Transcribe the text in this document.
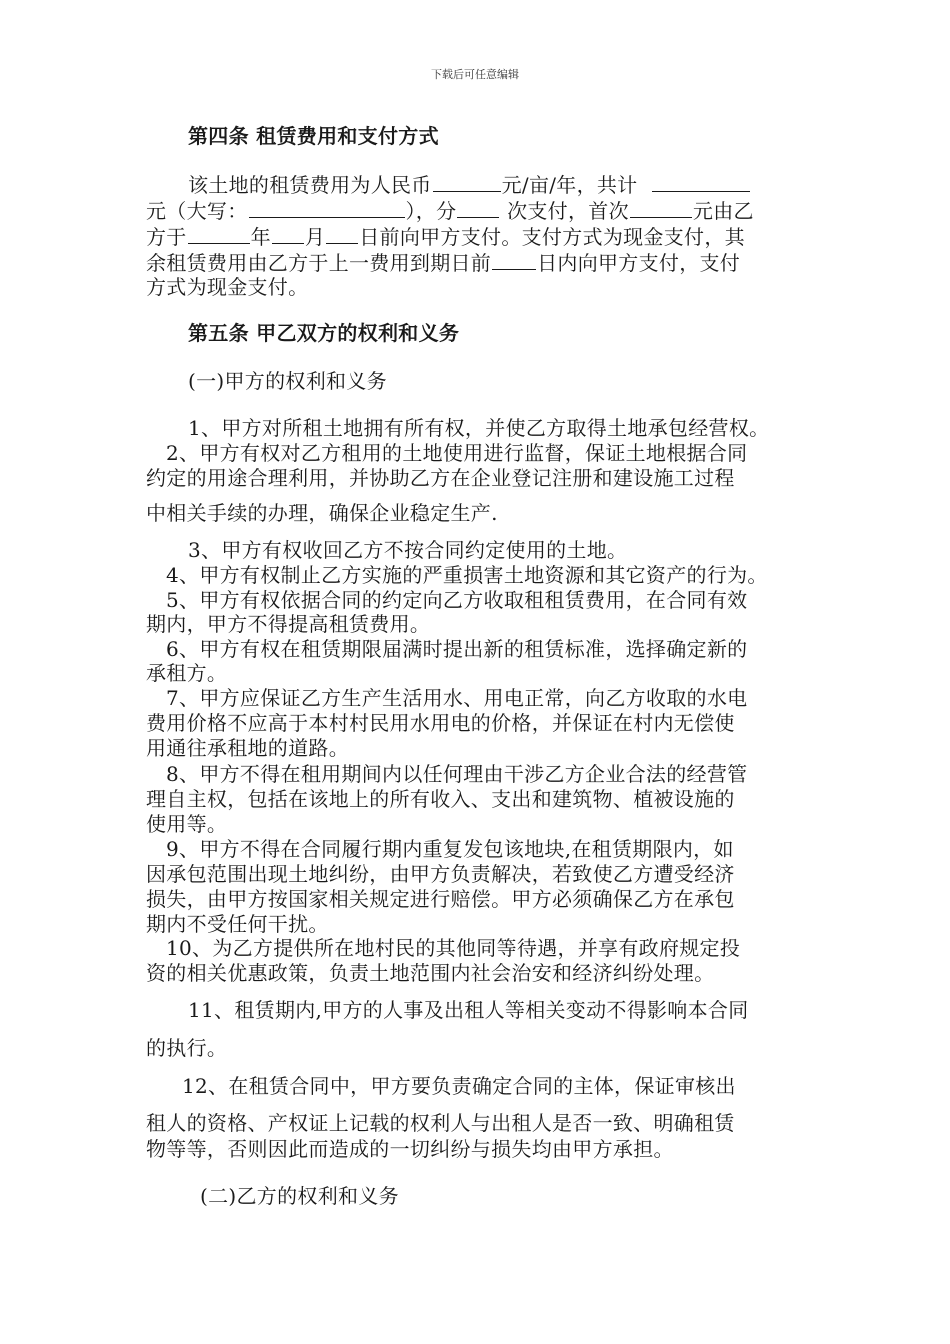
下载后可任意编辑
第四条 租赁费用和支付方式
该土地的租赁费用为人民币	元/亩/年，共计
元（大写：	），分	次支付，首次	元由乙
方于	年 月 日前向甲方支付。支付方式为现金支付，其
余租赁费用由乙方于上一费用到期日前 日内向甲方支付，支付
方式为现金支付。
第五条 甲乙双方的权利和义务
(一)甲方的权利和义务
1、甲方对所租土地拥有所有权，并使乙方取得土地承包经营权。
2、甲方有权对乙方租用的土地使用进行监督，保证土地根据合同
约定的用途合理利用，并协助乙方在企业登记注册和建设施工过程
中相关手续的办理，确保企业稳定生产.
3、甲方有权收回乙方不按合同约定使用的土地。
4、甲方有权制止乙方实施的严重损害土地资源和其它资产的行为。
5、甲方有权依据合同的约定向乙方收取租租赁费用，在合同有效
期内，甲方不得提高租赁费用。
6、甲方有权在租赁期限届满时提出新的租赁标准，选择确定新的
承租方。
7、甲方应保证乙方生产生活用水、用电正常，向乙方收取的水电
费用价格不应高于本村村民用水用电的价格，并保证在村内无偿使
用通往承租地的道路。
8、甲方不得在租用期间内以任何理由干涉乙方企业合法的经营管
理自主权，包括在该地上的所有收入、支出和建筑物、植被设施的
使用等。
9、甲方不得在合同履行期内重复发包该地块,在租赁期限内，如
因承包范围出现土地纠纷，由甲方负责解决，若致使乙方遭受经济
损失，由甲方按国家相关规定进行赔偿。甲方必须确保乙方在承包
期内不受任何干扰。
10、为乙方提供所在地村民的其他同等待遇，并享有政府规定投
资的相关优惠政策，负责土地范围内社会治安和经济纠纷处理。
11、租赁期内,甲方的人事及出租人等相关变动不得影响本合同
的执行。
12、在租赁合同中，甲方要负责确定合同的主体，保证审核出
租人的资格、产权证上记载的权利人与出租人是否一致、明确租赁
物等等，否则因此而造成的一切纠纷与损失均由甲方承担。
(二)乙方的权利和义务
